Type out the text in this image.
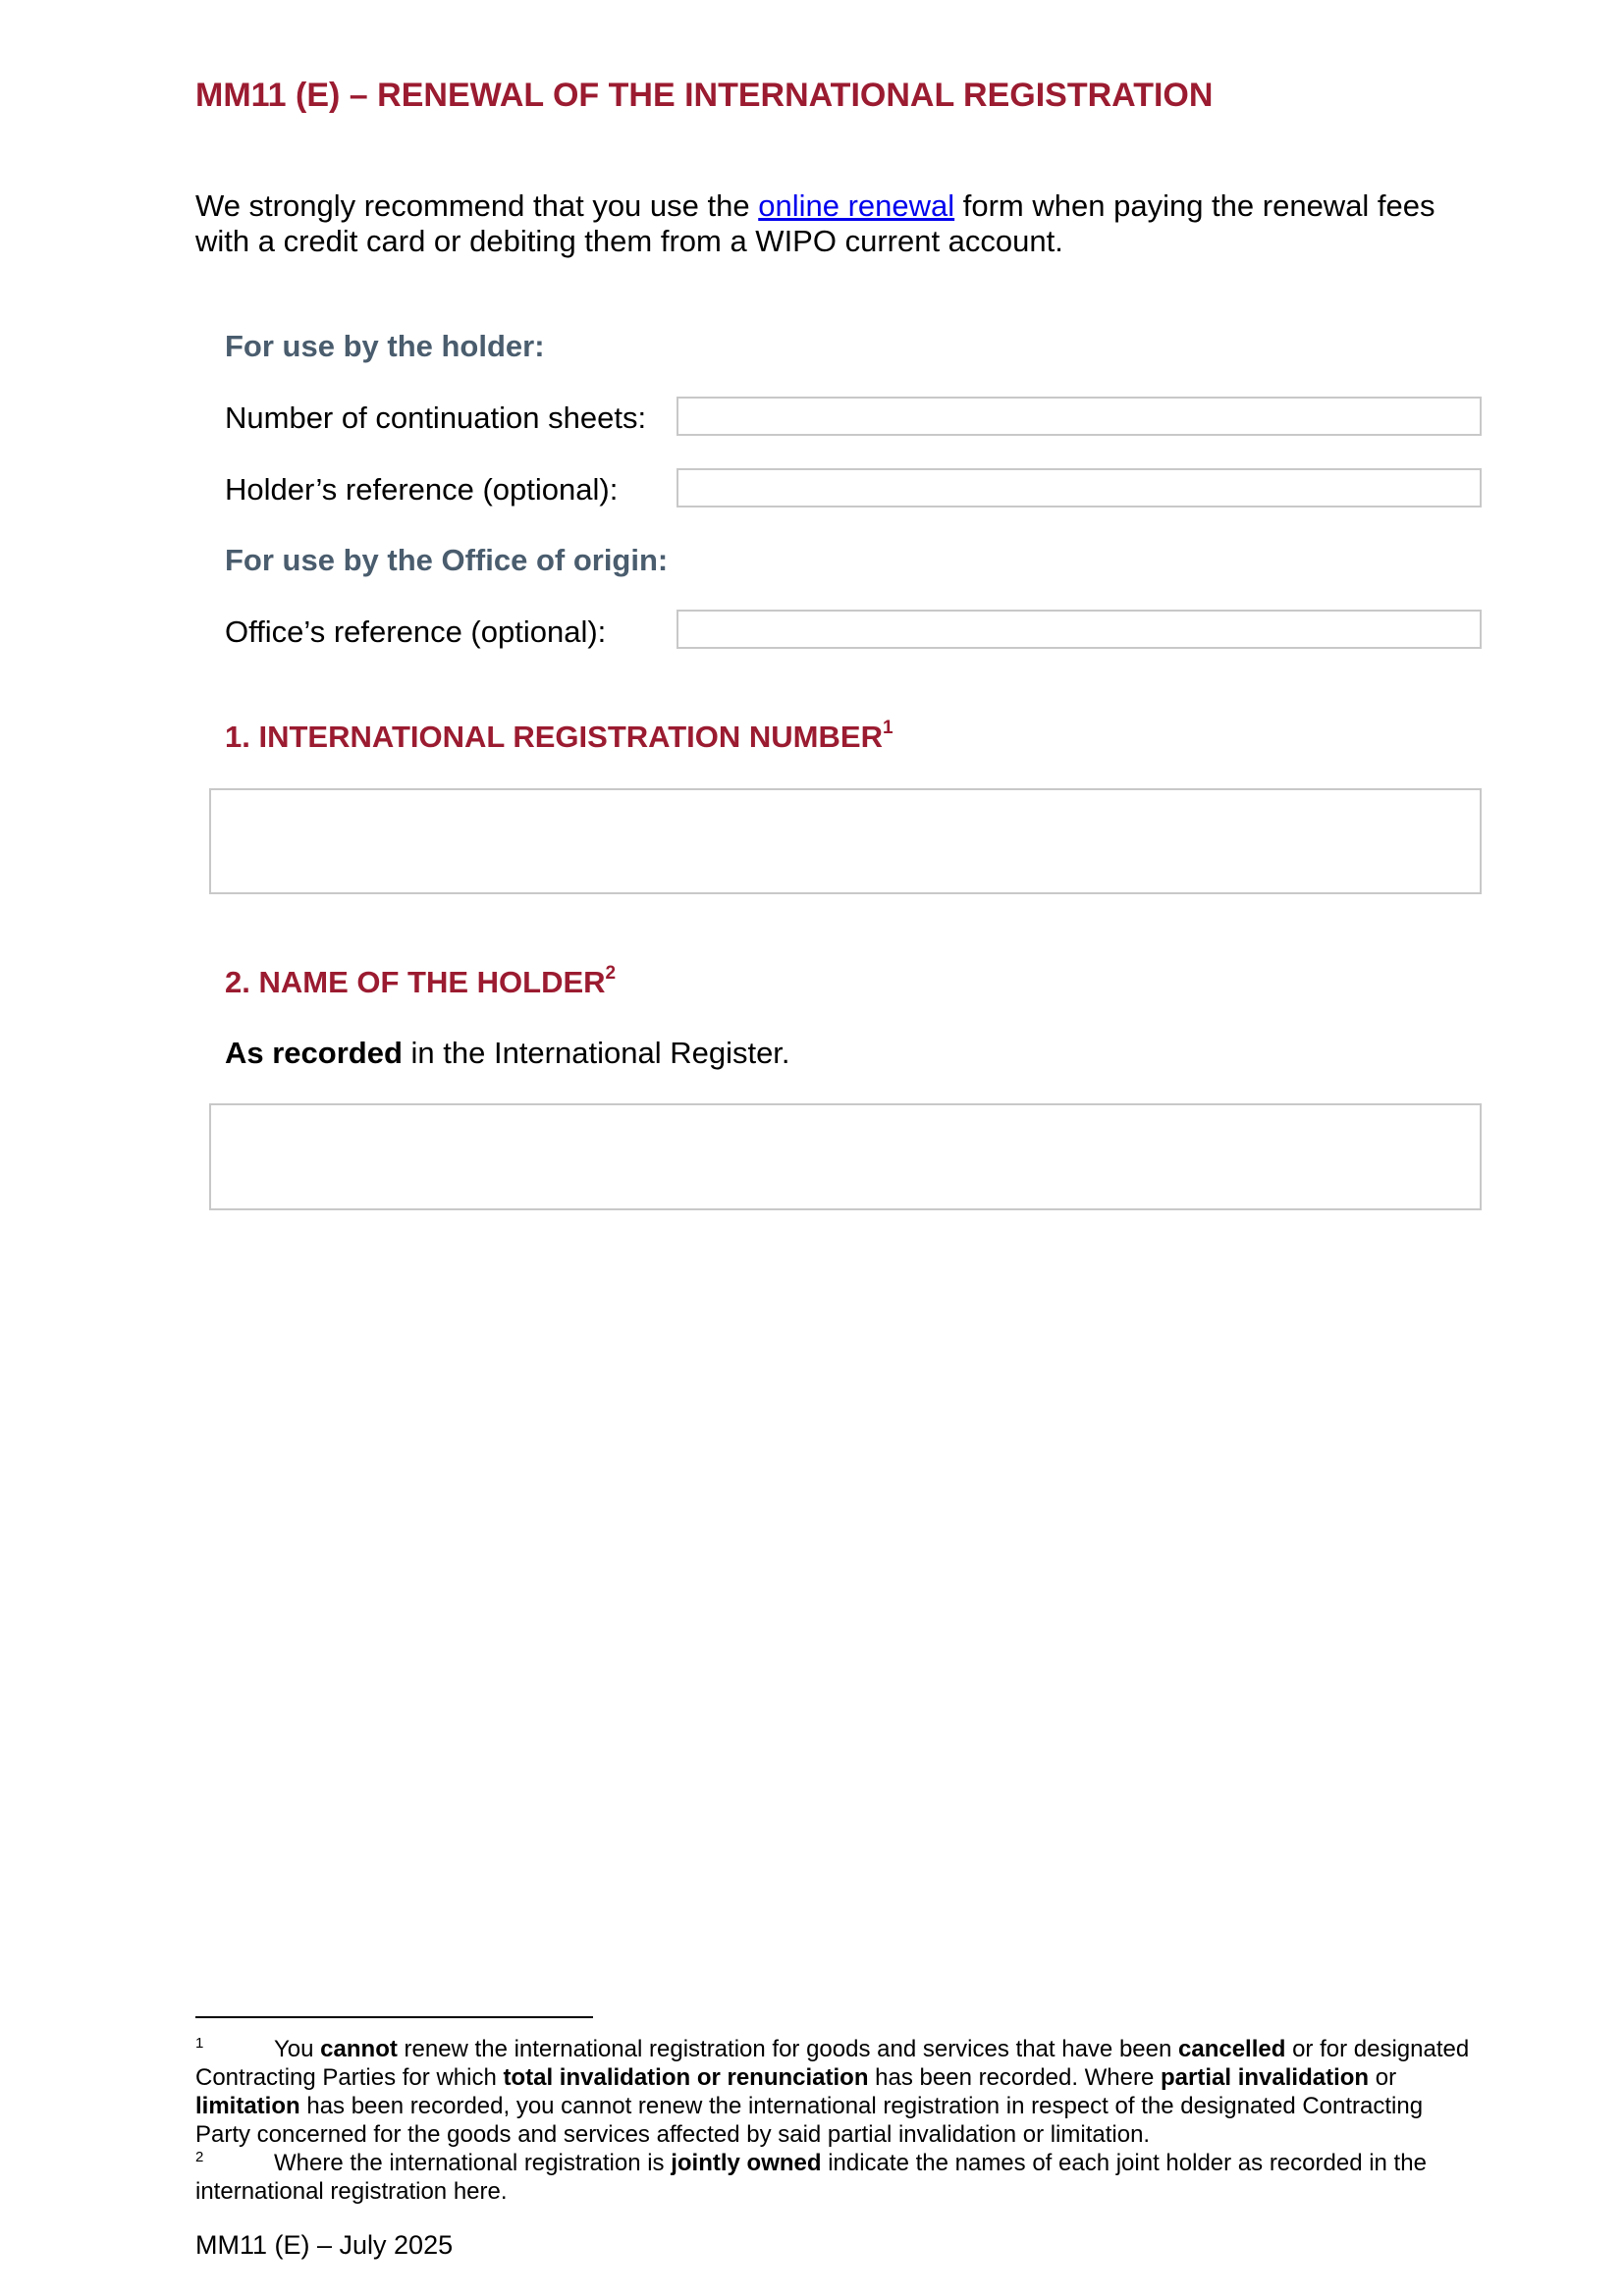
MM11 (E) – RENEWAL OF THE INTERNATIONAL REGISTRATION
We strongly recommend that you use the online renewal form when paying the renewal fees with a credit card or debiting them from a WIPO current account.
For use by the holder:
Number of continuation sheets:
Holder’s reference (optional):
For use by the Office of origin:
Office’s reference (optional):
1. INTERNATIONAL REGISTRATION NUMBER$^1$
2. NAME OF THE HOLDER$^2$
As recorded in the International Register.
1	You cannot renew the international registration for goods and services that have been cancelled or for designated Contracting Parties for which total invalidation or renunciation has been recorded. Where partial invalidation or limitation has been recorded, you cannot renew the international registration in respect of the designated Contracting Party concerned for the goods and services affected by said partial invalidation or limitation.
2	Where the international registration is jointly owned indicate the names of each joint holder as recorded in the international registration here.
MM11 (E) – July 2025
